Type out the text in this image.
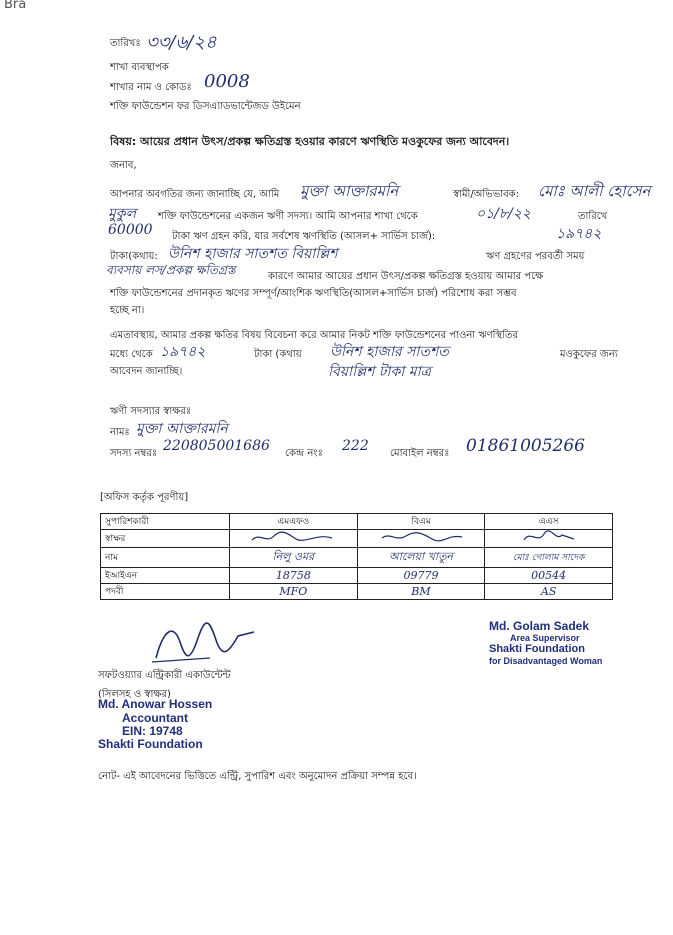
Bra
তারিখঃ ৩৩/৬/২৪
শাখা ব্যবস্থাপক
শাখার নাম ও কোডঃ 0008
শক্তি ফাউন্ডেশন ফর ডিসএ্যাডভান্টেজড উইমেন
বিষয়: আয়ের প্রধান উৎস/প্রকল্প ক্ষতিগ্রস্ত হওয়ার কারণে ঋণস্থিতি মওকুফের জন্য আবেদন।
জনাব,
আপনার অবগতির জন্য জানাচ্ছি যে, আমি মুক্তা আক্তারমনি	স্বামী/অভিভাবক: মোঃ আলী হোসেন
মুকুল শক্তি ফাউন্ডেশনের একজন ঋণী সদস্য। আমি আপনার শাখা থেকে	০১/৮/২২	তারিখে
60000 টাকা ঋণ গ্রহন করি, যার সর্বশেষ ঋণস্থিতি (আসল+ সার্ভিস চার্জ):	১৯৭৪২
টাকা(কথায়: উনিশ হাজার সাতশত বিয়াল্লিশ	ঋণ গ্রহণের পরবর্তী সময়
ব্যবসায় লস/প্রকল্প ক্ষতিগ্রস্ত	কারণে আমার আয়ের প্রধান উৎস/প্রকল্প ক্ষতিগ্রস্ত হওয়ায় আমার পক্ষে
শক্তি ফাউন্ডেশনের প্রদানকৃত ঋণের সম্পূর্ণ/আংশিক ঋণস্থিতি(আসল+সার্ভিস চার্জ) পরিশোধ করা সম্ভব
হচ্ছে না।
এমতাবস্থায়, আমার প্রকল্প ক্ষতির বিষয় বিবেচনা করে আমার নিকট শক্তি ফাউন্ডেশনের পাওনা ঋণস্থিতির
মধ্যে থেকে ১৯৭৪২	টাকা (কথায় উনিশ হাজার সাতশত	মওকুফের জন্য
আবেদন জানাচ্ছি।	বিয়াল্লিশ টাকা মাত্র
ঋণী সদস্যার স্বাক্ষরঃ
নামঃ মুক্তা আক্তারমনি
সদস্য নম্বরঃ 220805001686 কেন্দ্র নংঃ 222 মোবাইল নম্বরঃ 01861005266
[অফিস কর্তৃক পূরণীয়]
সুপারিশকারী	এমএফও	বিএম	এএস
স্বাক্ষর			
নাম	নিলু ওমর	আলেয়া খাতুন	মোঃ গোলাম সাদেক
ইআইএন	18758	09779	00544
পদবী	MFO	BM	AS
Md. Golam Sadek
Area Supervisor
Shakti Foundation
for Disadvantaged Woman
সফটওয়্যার এন্ট্রিকারী একাউন্টেন্ট
(সিলসহ ও স্বাক্ষর)
Md. Anowar Hossen
Accountant
EIN: 19748
Shakti Foundation
নোট- এই আবেদনের ভিত্তিতে এন্ট্রি, সুপারিশ এবং অনুমোদন প্রক্রিয়া সম্পন্ন হবে।
